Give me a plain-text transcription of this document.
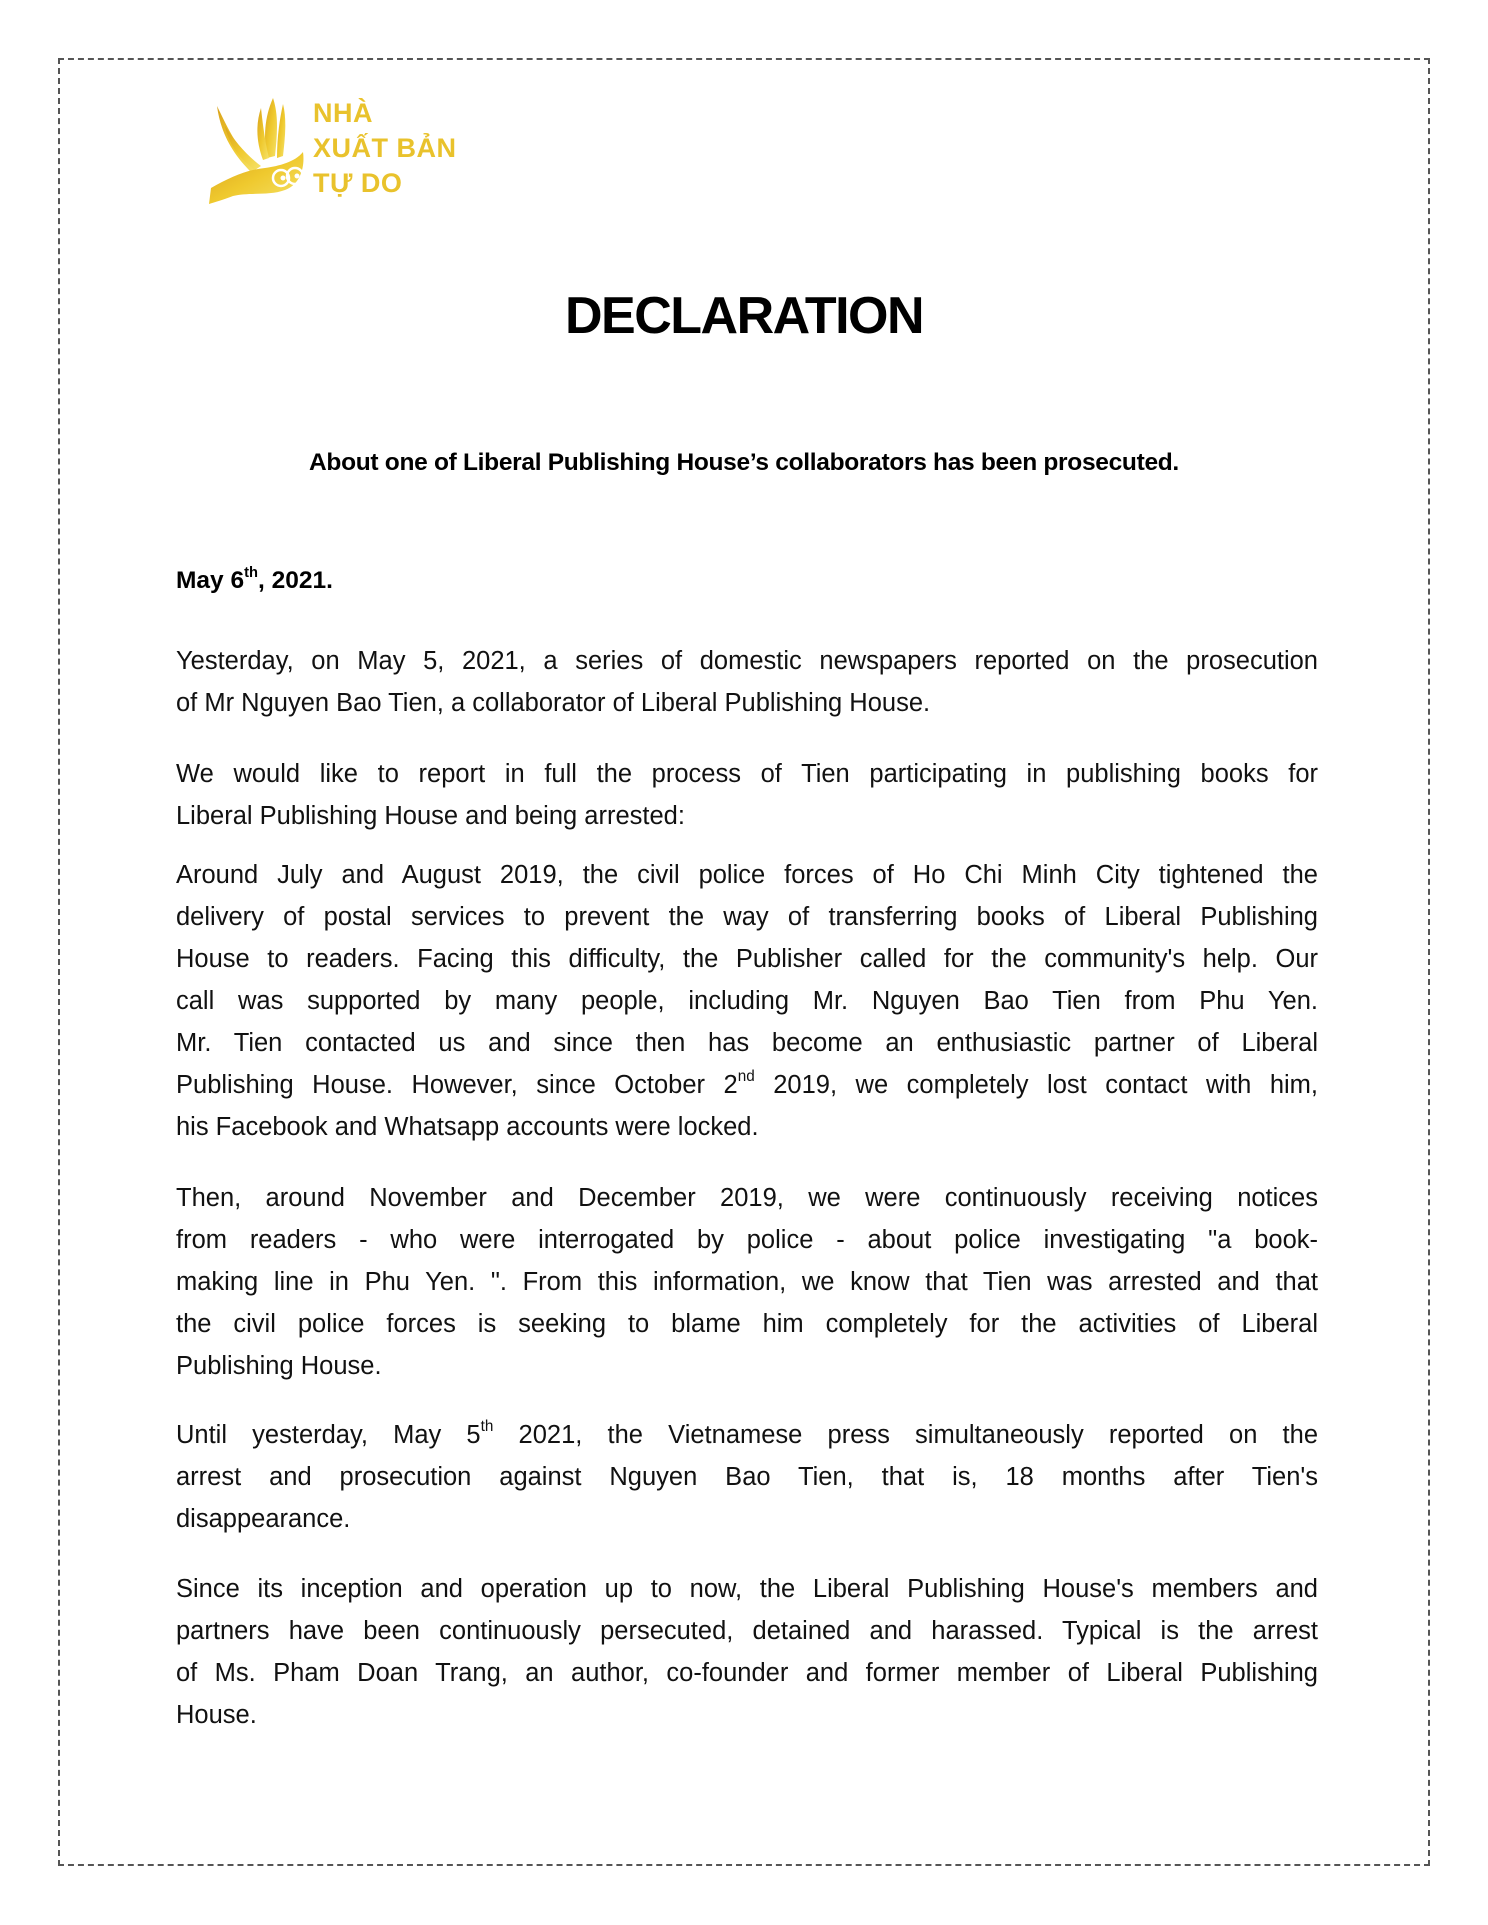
NHÀ
XUẤT BẢN
TỰ DO
DECLARATION
About one of Liberal Publishing House’s collaborators has been prosecuted.
May 6th, 2021.
Yesterday, on May 5, 2021, a series of domestic newspapers reported on the prosecution
of Mr Nguyen Bao Tien, a collaborator of Liberal Publishing House.
We would like to report in full the process of Tien participating in publishing books for
Liberal Publishing House and being arrested:
Around July and August 2019, the civil police forces of Ho Chi Minh City tightened the
delivery of postal services to prevent the way of transferring books of Liberal Publishing
House to readers. Facing this difficulty, the Publisher called for the community's help. Our
call was supported by many people, including Mr. Nguyen Bao Tien from Phu Yen.
Mr. Tien contacted us and since then has become an enthusiastic partner of Liberal
Publishing House. However, since October 2nd 2019, we completely lost contact with him,
his Facebook and Whatsapp accounts were locked.
Then, around November and December 2019, we were continuously receiving notices
from readers - who were interrogated by police - about police investigating "a book-
making line in Phu Yen. ". From this information, we know that Tien was arrested and that
the civil police forces is seeking to blame him completely for the activities of Liberal
Publishing House.
Until yesterday, May 5th 2021, the Vietnamese press simultaneously reported on the
arrest and prosecution against Nguyen Bao Tien, that is, 18 months after Tien's
disappearance.
Since its inception and operation up to now, the Liberal Publishing House's members and
partners have been continuously persecuted, detained and harassed. Typical is the arrest
of Ms. Pham Doan Trang, an author, co-founder and former member of Liberal Publishing
House.
